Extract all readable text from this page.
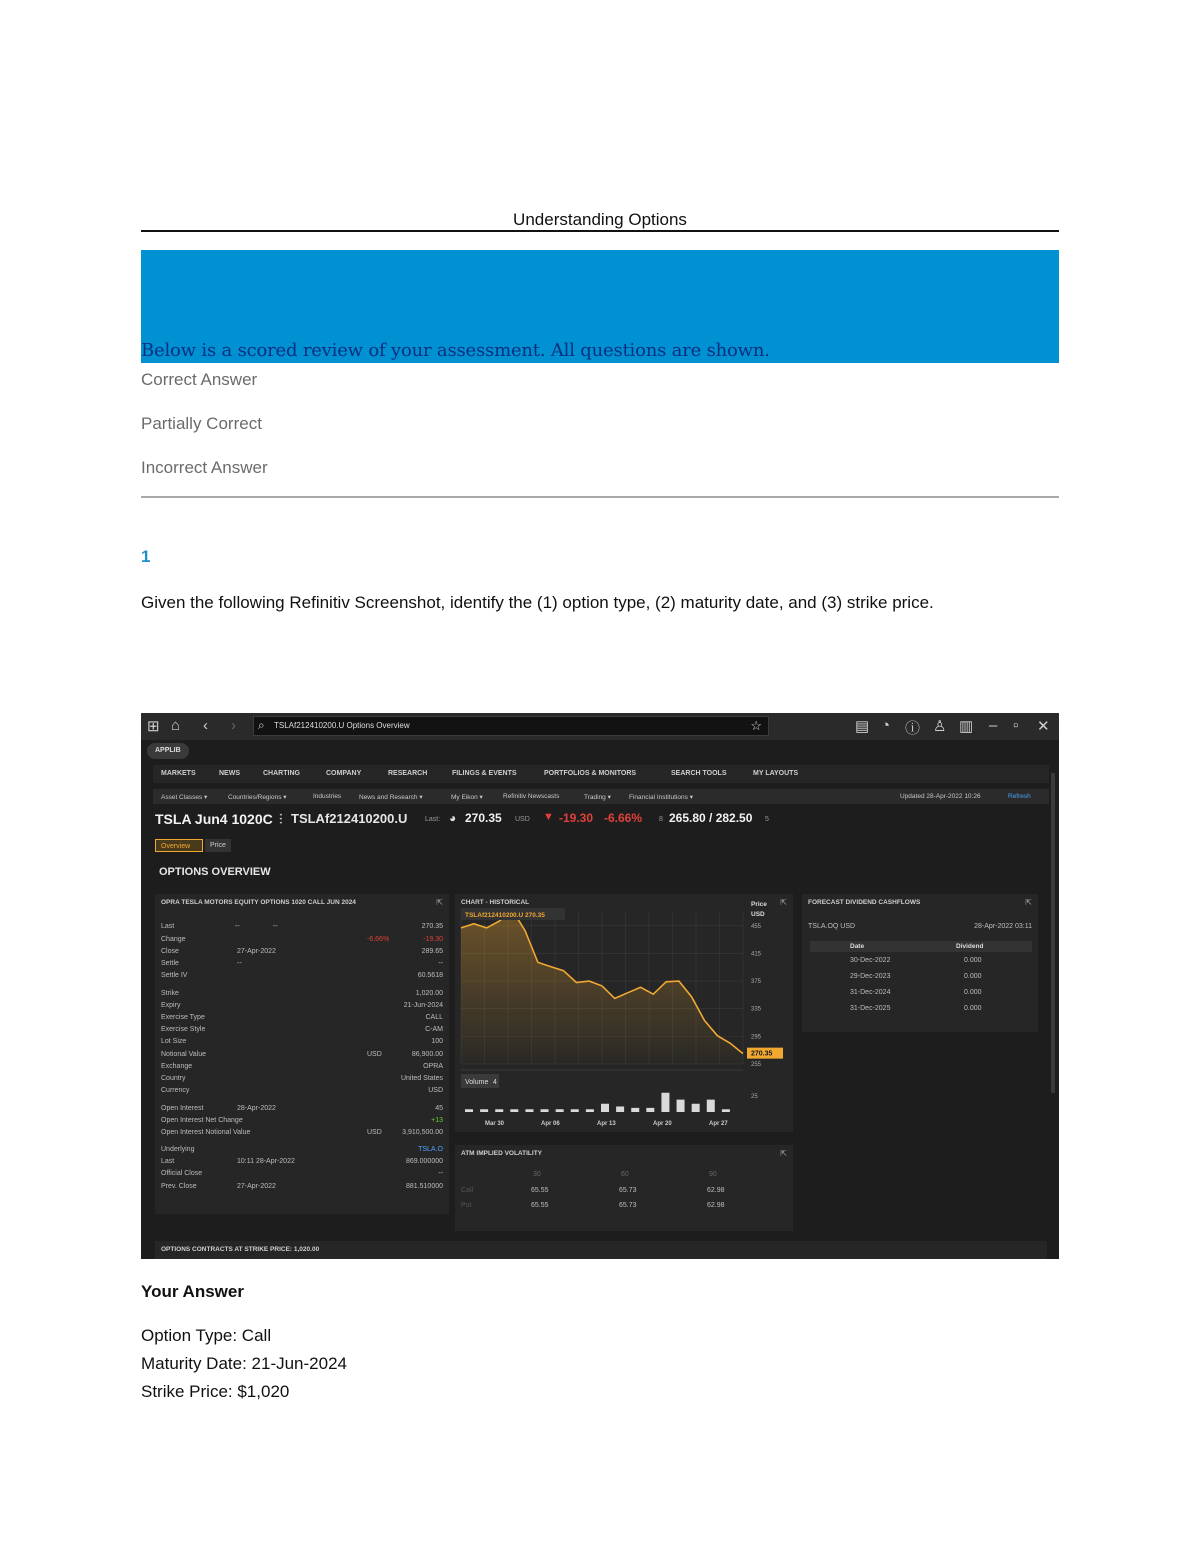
Understanding Options
Below is a scored review of your assessment. All questions are shown.
Correct Answer
Partially Correct
Incorrect Answer
1
Given the following Refinitiv Screenshot, identify the (1) option type, (2) maturity date, and (3) strike price.
⊞ ⌂ ‹ › ⌕ TSLAf212410200.U Options Overview	☆	▤ ◔ ⓘ ♙ ▥ – ▫ ✕
APPLIB
MARKETS	NEWS	CHARTING	COMPANY	RESEARCH	FILINGS & EVENTS	PORTFOLIOS & MONITORS	SEARCH TOOLS	MY LAYOUTS
Asset Classes ▾	Countries/Regions ▾	Industries	News and Research ▾	My Eikon ▾	Refinitiv Newscasts	Trading ▾	Financial Institutions ▾	Updated 28-Apr-2022 10:26	Refresh
TSLA Jun4 1020C ⫶ TSLAf212410200.U	Last: ◕ 270.35 USD ▼ -19.30 -6.66% 8 265.80 / 282.50 5
Overview	Price
OPTIONS OVERVIEW
OPRA TESLA MOTORS EQUITY OPTIONS 1020 CALL JUN 2024	⇱
Last	--	--	270.35
Change	-6.66%	-19.30
Close	27-Apr-2022	289.65
Settle	--	--
Settle IV	60.5618
Strike	1,020.00
Expiry	21-Jun-2024
Exercise Type	CALL
Exercise Style	C-AM
Lot Size	100
Notional Value	USD	86,900.00
Exchange	OPRA
Country	United States
Currency	USD
Open Interest	28-Apr-2022	45
Open Interest Net Change	+13
Open Interest Notional Value	USD	3,910,500.00
Underlying	TSLA.O
Last	10:11 28-Apr-2022	869.000000
Official Close	--
Prev. Close	27-Apr-2022	881.510000
CHART - HISTORICAL	⇱
455
415
375
335
295
255
Mar 30	Apr 06	Apr 13	Apr 20	Apr 27
TSLAf212410200.U 270.35
Price
USD
Volume 4
25
270.35
FORECAST DIVIDEND CASHFLOWS	⇱
TSLA.OQ USD	28-Apr-2022 03:11
Date	Dividend
30-Dec-2022	0.000
29-Dec-2023	0.000
31-Dec-2024	0.000
31-Dec-2025	0.000
ATM IMPLIED VOLATILITY	⇱
30	60	90
Call	65.55	65.73	62.98
Put	65.55	65.73	62.98
OPTIONS CONTRACTS AT STRIKE PRICE: 1,020.00
Your Answer
Option Type: Call
Maturity Date: 21-Jun-2024
Strike Price: $1,020
